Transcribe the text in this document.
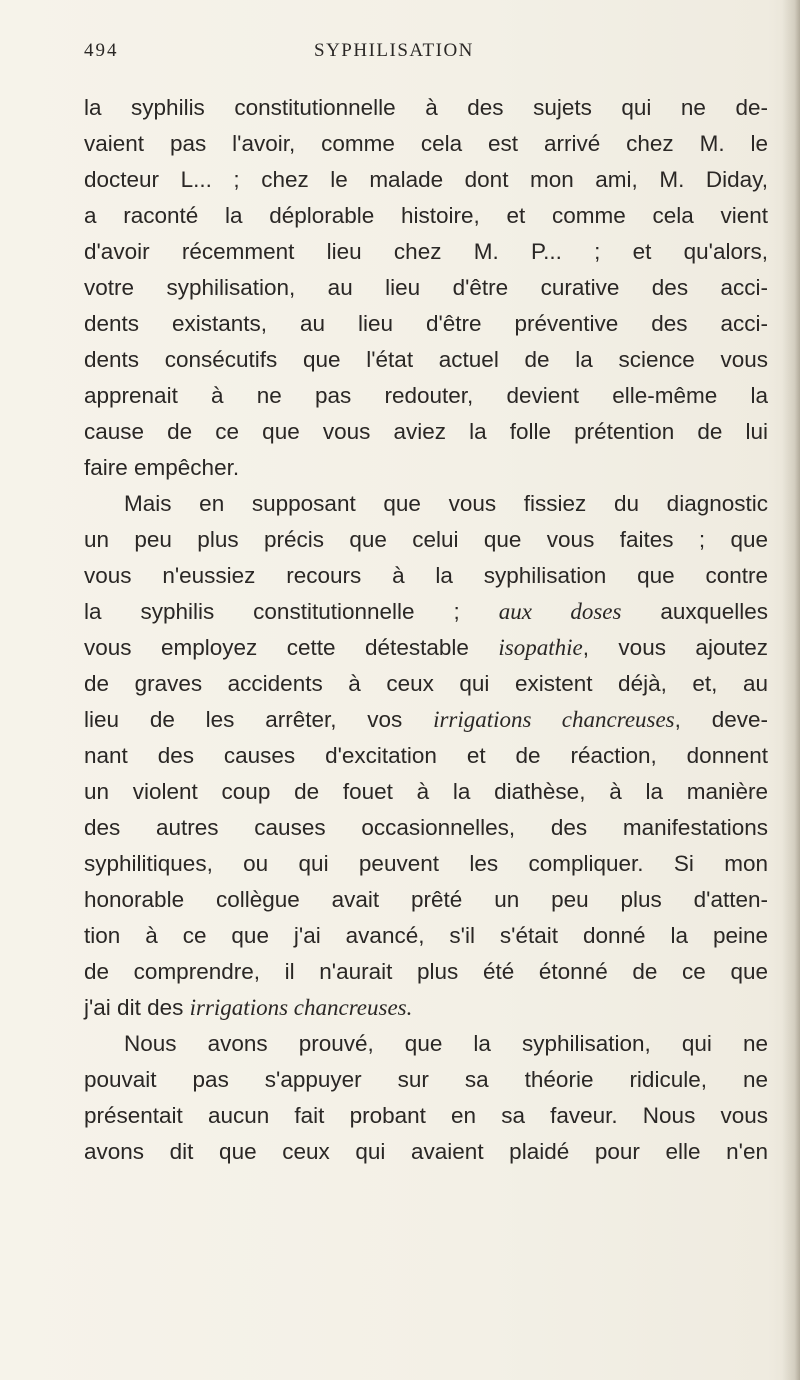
494	SYPHILISATION
la syphilis constitutionnelle à des sujets qui ne de-
vaient pas l'avoir, comme cela est arrivé chez M. le
docteur L... ; chez le malade dont mon ami, M. Diday,
a raconté la déplorable histoire, et comme cela vient
d'avoir récemment lieu chez M. P... ; et qu'alors,
votre syphilisation, au lieu d'être curative des acci-
dents existants, au lieu d'être préventive des acci-
dents consécutifs que l'état actuel de la science vous
apprenait à ne pas redouter, devient elle-même la
cause de ce que vous aviez la folle prétention de lui
faire empêcher.
Mais en supposant que vous fissiez du diagnostic
un peu plus précis que celui que vous faites ; que
vous n'eussiez recours à la syphilisation que contre
la syphilis constitutionnelle ; aux doses auxquelles
vous employez cette détestable isopathie, vous ajoutez
de graves accidents à ceux qui existent déjà, et, au
lieu de les arrêter, vos irrigations chancreuses, deve-
nant des causes d'excitation et de réaction, donnent
un violent coup de fouet à la diathèse, à la manière
des autres causes occasionnelles, des manifestations
syphilitiques, ou qui peuvent les compliquer. Si mon
honorable collègue avait prêté un peu plus d'atten-
tion à ce que j'ai avancé, s'il s'était donné la peine
de comprendre, il n'aurait plus été étonné de ce que
j'ai dit des irrigations chancreuses.
Nous avons prouvé, que la syphilisation, qui ne
pouvait pas s'appuyer sur sa théorie ridicule, ne
présentait aucun fait probant en sa faveur. Nous vous
avons dit que ceux qui avaient plaidé pour elle n'en
